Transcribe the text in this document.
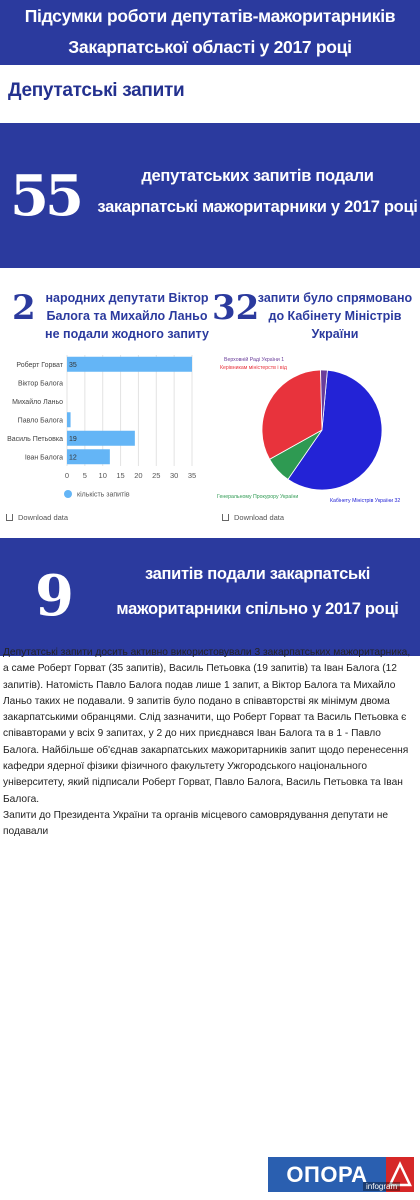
Підсумки роботи депутатів-мажоритарників
Закарпатської області у 2017 році
Депутатські запити
55	депутатських запитів подали
закарпатські мажоритарники у 2017 році
2 народних депутати Віктор
Балога та Михайло Ланьо
не подали жодного запиту
32
запити було спрямовано
до Кабінету Міністрів
України
0 5 10 15 20 25 30 35
Роберт Горват 35
Віктор Балога
Михайло Ланьо
Павло Балога
Василь Петьовка 19
Іван Балога 12
кількість запитів
Кабінету Міністрів України 32
Генеральному Прокурору України
Керівникам міністерств і від
Верховній Раді України 1
Download data	Download data
9	запитів подали закарпатські
мажоритарники спільно у 2017 році

Депутатські запити досить активно використовували 3 закарпатських мажоритарника, а саме Роберт Горват (35 запитів), Василь Петьовка (19 запитів) та Іван Балога (12 запитів). Натомість Павло Балога подав лише 1 запит, а Віктор Балога та Михайло Ланьо таких не подавали. 9 запитів було подано в співавторстві як мінімум двома закарпатськими обранцями. Слід зазначити, що Роберт Горват та Василь Петьовка є співавторами у всіх 9 запитах, у 2 до них приєднався Іван Балога та в 1 - Павло Балога. Найбільше об'єднав закарпатських мажоритарників запит щодо перенесення кафедри ядерної фізики фізичного факультету Ужгородського національного університету, який підписали Роберт Горват, Павло Балога, Василь Петьовка та Іван Балога.

Запити до Президента України та органів місцевого самоврядування депутати не подавали

ОПОРА
infogram
